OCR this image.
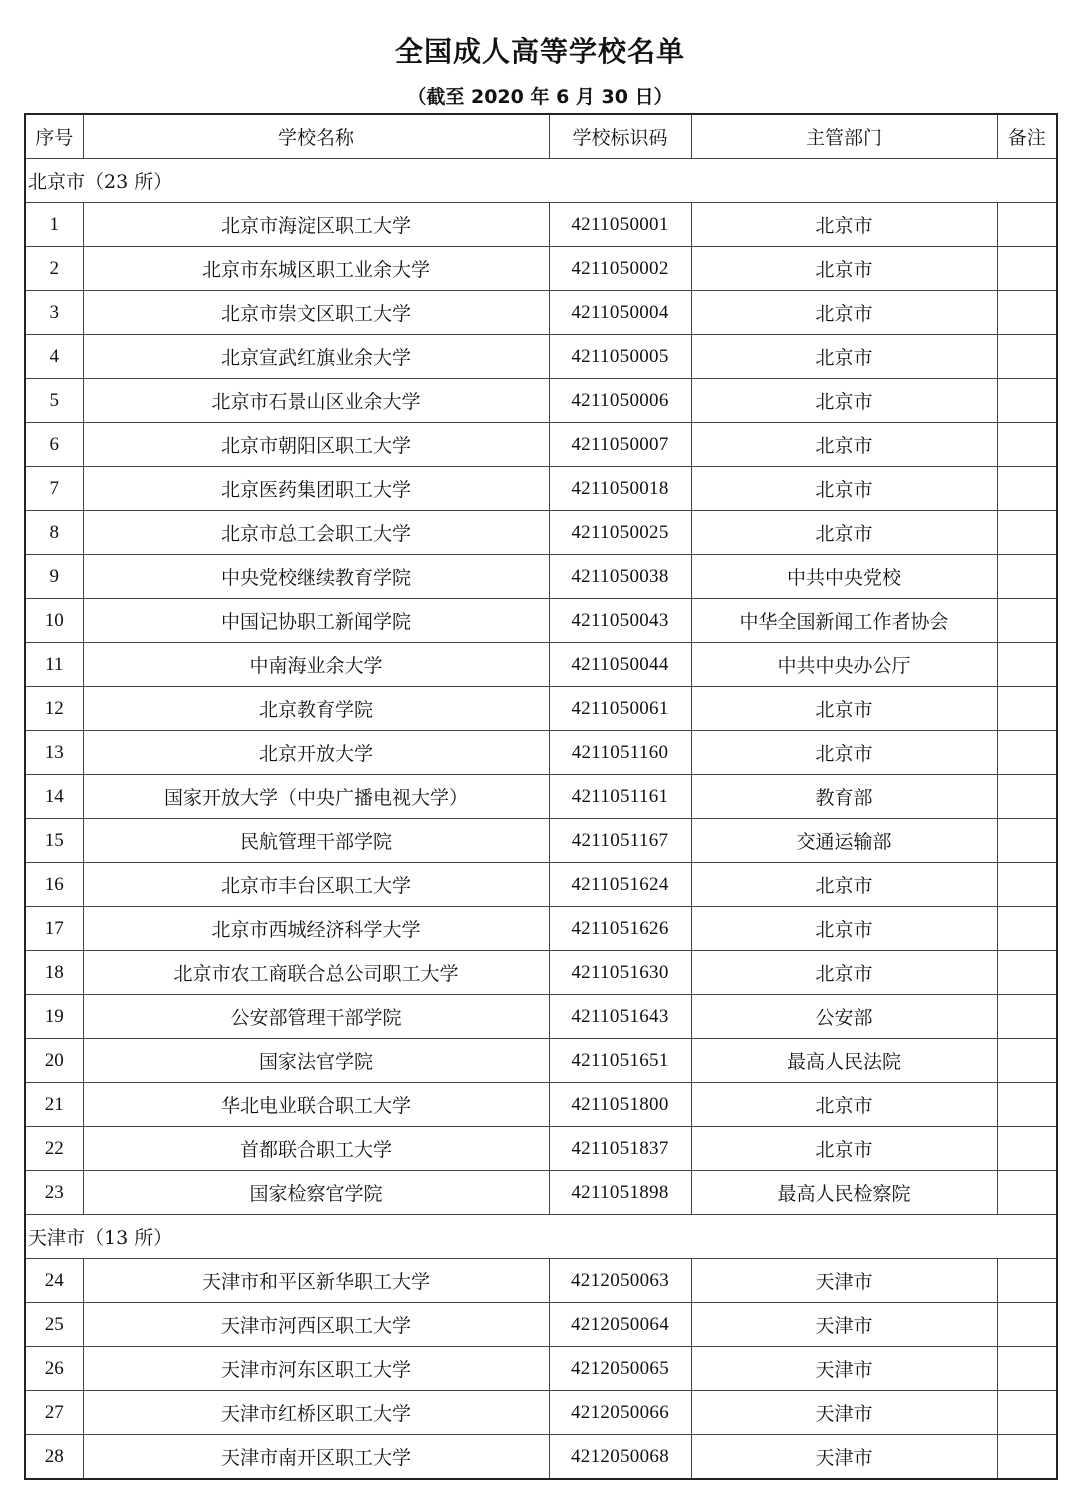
全国成人高等学校名单
（截至 2020 年 6 月 30 日）
序号	学校名称	学校标识码	主管部门	备注
北京市（23 所）				
1	北京市海淀区职工大学	4211050001	北京市	
2	北京市东城区职工业余大学	4211050002	北京市	
3	北京市崇文区职工大学	4211050004	北京市	
4	北京宣武红旗业余大学	4211050005	北京市	
5	北京市石景山区业余大学	4211050006	北京市	
6	北京市朝阳区职工大学	4211050007	北京市	
7	北京医药集团职工大学	4211050018	北京市	
8	北京市总工会职工大学	4211050025	北京市	
9	中央党校继续教育学院	4211050038	中共中央党校	
10	中国记协职工新闻学院	4211050043	中华全国新闻工作者协会	
11	中南海业余大学	4211050044	中共中央办公厅	
12	北京教育学院	4211050061	北京市	
13	北京开放大学	4211051160	北京市	
14	国家开放大学（中央广播电视大学）	4211051161	教育部	
15	民航管理干部学院	4211051167	交通运输部	
16	北京市丰台区职工大学	4211051624	北京市	
17	北京市西城经济科学大学	4211051626	北京市	
18	北京市农工商联合总公司职工大学	4211051630	北京市	
19	公安部管理干部学院	4211051643	公安部	
20	国家法官学院	4211051651	最高人民法院	
21	华北电业联合职工大学	4211051800	北京市	
22	首都联合职工大学	4211051837	北京市	
23	国家检察官学院	4211051898	最高人民检察院	
天津市（13 所）				
24	天津市和平区新华职工大学	4212050063	天津市	
25	天津市河西区职工大学	4212050064	天津市	
26	天津市河东区职工大学	4212050065	天津市	
27	天津市红桥区职工大学	4212050066	天津市	
28	天津市南开区职工大学	4212050068	天津市	
